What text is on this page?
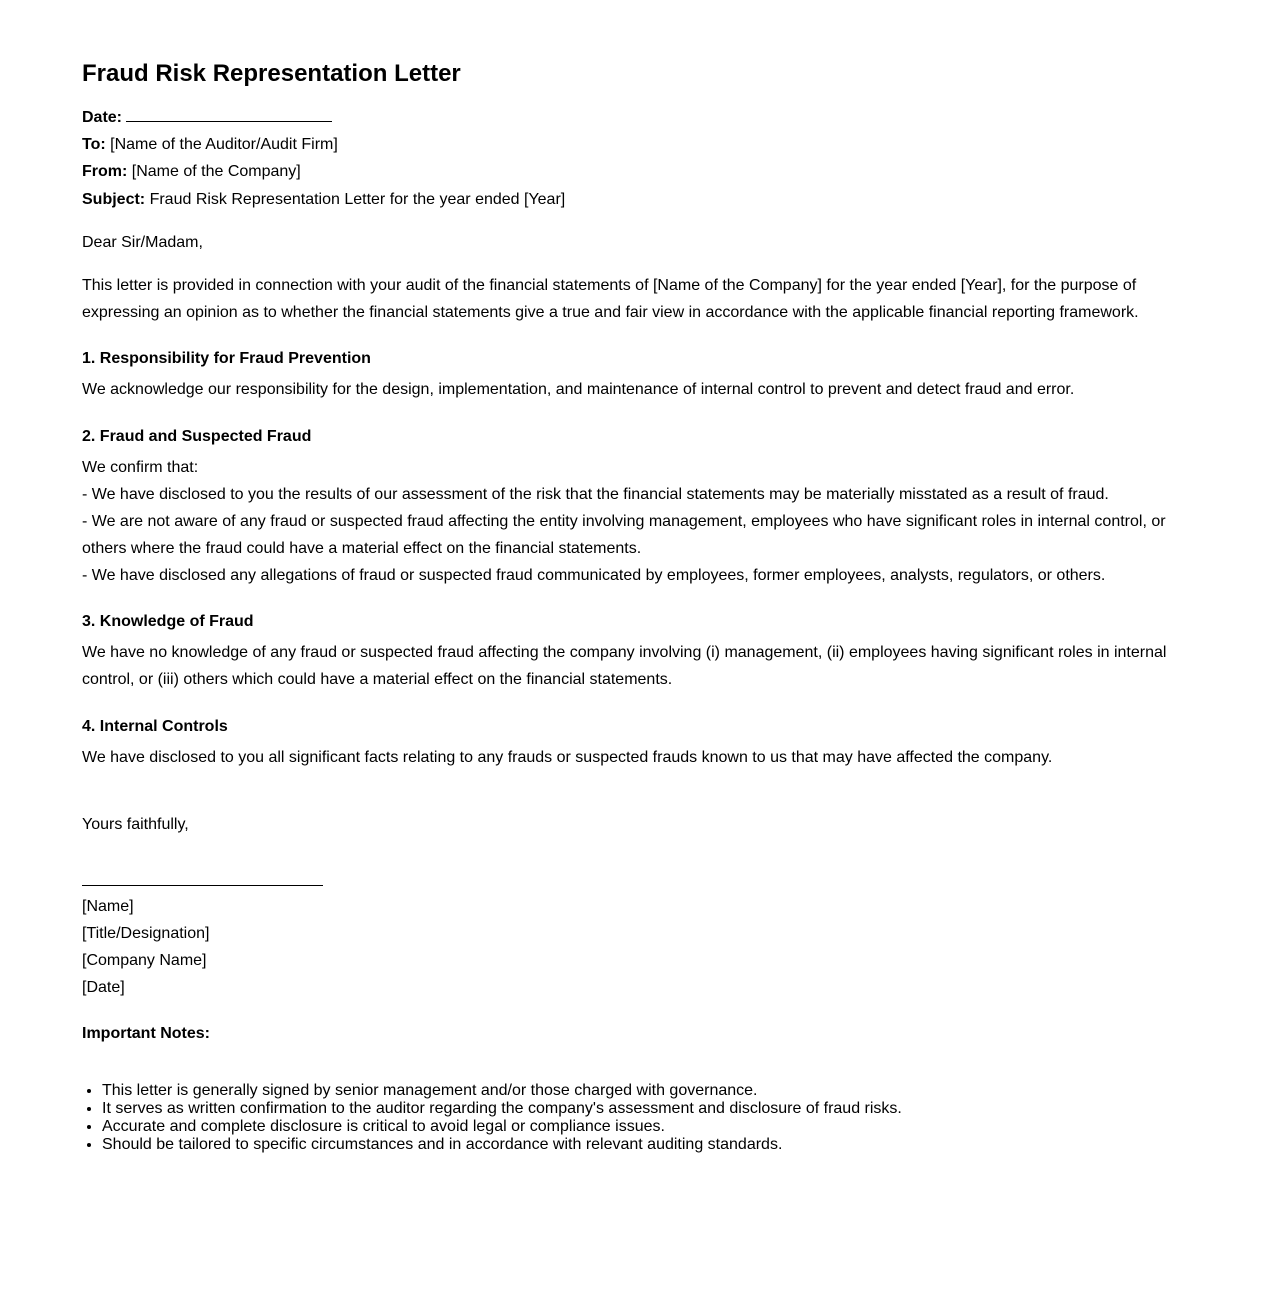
Fraud Risk Representation Letter

Date:

To: [Name of the Auditor/Audit Firm]

From: [Name of the Company]

Subject: Fraud Risk Representation Letter for the year ended [Year]

Dear Sir/Madam,

This letter is provided in connection with your audit of the financial statements of [Name of the Company] for the year ended [Year], for the purpose of expressing an opinion as to whether the financial statements give a true and fair view in accordance with the applicable financial reporting framework.

1. Responsibility for Fraud Prevention

We acknowledge our responsibility for the design, implementation, and maintenance of internal control to prevent and detect fraud and error.

2. Fraud and Suspected Fraud

We confirm that:

- We have disclosed to you the results of our assessment of the risk that the financial statements may be materially misstated as a result of fraud.

- We are not aware of any fraud or suspected fraud affecting the entity involving management, employees who have significant roles in internal control, or others where the fraud could have a material effect on the financial statements.

- We have disclosed any allegations of fraud or suspected fraud communicated by employees, former employees, analysts, regulators, or others.

3. Knowledge of Fraud

We have no knowledge of any fraud or suspected fraud affecting the company involving (i) management, (ii) employees having significant roles in internal control, or (iii) others which could have a material effect on the financial statements.

4. Internal Controls

We have disclosed to you all significant facts relating to any frauds or suspected frauds known to us that may have affected the company.

Yours faithfully,

[Name]

[Title/Designation]

[Company Name]

[Date]

Important Notes:

• This letter is generally signed by senior management and/or those charged with governance.
• It serves as written confirmation to the auditor regarding the company's assessment and disclosure of fraud risks.
• Accurate and complete disclosure is critical to avoid legal or compliance issues.
• Should be tailored to specific circumstances and in accordance with relevant auditing standards.
